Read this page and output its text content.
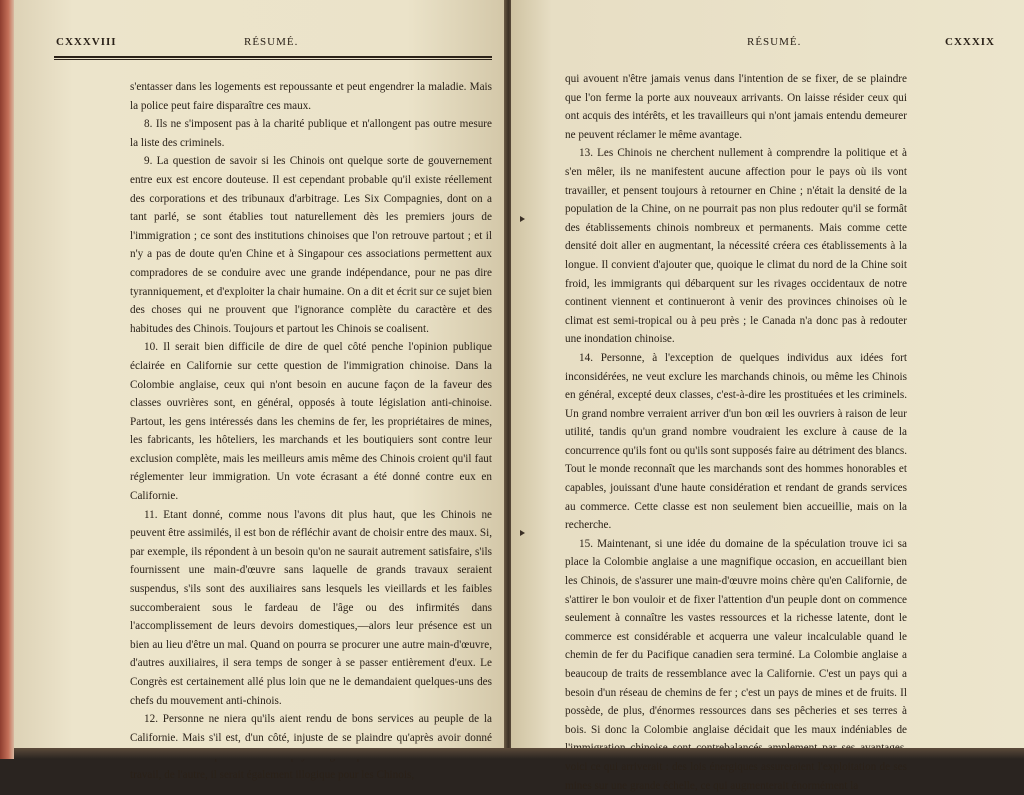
CXXXVIII	RÉSUMÉ.

s'entasser dans les logements est repoussante et peut engendrer la maladie. Mais la police peut faire disparaître ces maux.

8. Ils ne s'imposent pas à la charité publique et n'allongent pas outre mesure la liste des criminels.

9. La question de savoir si les Chinois ont quelque sorte de gouvernement entre eux est encore douteuse. Il est cependant probable qu'il existe réellement des corporations et des tribunaux d'arbitrage. Les Six Compagnies, dont on a tant parlé, se sont établies tout naturellement dès les premiers jours de l'immigration ; ce sont des institutions chinoises que l'on retrouve partout ; et il n'y a pas de doute qu'en Chine et à Singapour ces associations permettent aux compradores de se conduire avec une grande indépendance, pour ne pas dire tyranniquement, et d'exploiter la chair humaine. On a dit et écrit sur ce sujet bien des choses qui ne prouvent que l'ignorance complète du caractère et des habitudes des Chinois. Toujours et partout les Chinois se coalisent.

10. Il serait bien difficile de dire de quel côté penche l'opinion publique éclairée en Californie sur cette question de l'immigration chinoise. Dans la Colombie anglaise, ceux qui n'ont besoin en aucune façon de la faveur des classes ouvrières sont, en général, opposés à toute législation anti-chinoise. Partout, les gens intéressés dans les chemins de fer, les propriétaires de mines, les fabricants, les hôteliers, les marchands et les boutiquiers sont contre leur exclusion complète, mais les meilleurs amis même des Chinois croient qu'il faut réglementer leur immigration. Un vote écrasant a été donné contre eux en Californie.

11. Etant donné, comme nous l'avons dit plus haut, que les Chinois ne peuvent être assimilés, il est bon de réfléchir avant de choisir entre des maux. Si, par exemple, ils répondent à un besoin qu'on ne saurait autrement satisfaire, s'ils fournissent une main-d'œuvre sans laquelle de grands travaux seraient suspendus, s'ils sont des auxiliaires sans lesquels les vieillards et les faibles succomberaient sous le fardeau de l'âge ou des infirmités dans l'accomplissement de leurs devoirs domestiques,—alors leur présence est un bien au lieu d'être un mal. Quand on pourra se procurer une autre main-d'œuvre, d'autres auxiliaires, il sera temps de songer à se passer entièrement d'eux. Le Congrès est certainement allé plus loin que ne le demandaient quelques-uns des chefs du mouvement anti-chinois.

12. Personne ne niera qu'ils aient rendu de bons services au peuple de la Californie. Mais s'il est, d'un côté, injuste de se plaindre qu'après avoir donné travail, de l'autre, il serait également illogique pour les Chinois,

RÉSUMÉ.	CXXXIX

qui avouent n'être jamais venus dans l'intention de se fixer, de se plaindre que l'on ferme la porte aux nouveaux arrivants. On laisse résider ceux qui ont acquis des intérêts, et les travailleurs qui n'ont jamais entendu demeurer ne peuvent réclamer le même avantage.

13. Les Chinois ne cherchent nullement à comprendre la politique et à s'en mêler, ils ne manifestent aucune affection pour le pays où ils vont travailler, et pensent toujours à retourner en Chine ; n'était la densité de la population de la Chine, on ne pourrait pas non plus redouter qu'il se formât des établissements chinois nombreux et permanents. Mais comme cette densité doit aller en augmentant, la nécessité créera ces établissements à la longue. Il convient d'ajouter que, quoique le climat du nord de la Chine soit froid, les immigrants qui débarquent sur les rivages occidentaux de notre continent viennent et continueront à venir des provinces chinoises où le climat est semi-tropical ou à peu près ; le Canada n'a donc pas à redouter une inondation chinoise.

14. Personne, à l'exception de quelques individus aux idées fort inconsidérées, ne veut exclure les marchands chinois, ou même les Chinois en général, excepté deux classes, c'est-à-dire les prostituées et les criminels. Un grand nombre verraient arriver d'un bon œil les ouvriers à raison de leur utilité, tandis qu'un grand nombre voudraient les exclure à cause de la concurrence qu'ils font ou qu'ils sont supposés faire au détriment des blancs. Tout le monde reconnaît que les marchands sont des hommes honorables et capables, jouissant d'une haute considération et rendant de grands services au commerce. Cette classe est non seulement bien accueillie, mais on la recherche.

15. Maintenant, si une idée du domaine de la spéculation trouve ici sa place la Colombie anglaise a une magnifique occasion, en accueillant bien les Chinois, de s'assurer une main-d'œuvre moins chère qu'en Californie, de s'attirer le bon vouloir et de fixer l'attention d'un peuple dont on commence seulement à connaître les vastes ressources et la richesse latente, dont le commerce est considérable et acquerra une valeur incalculable quand le chemin de fer du Pacifique canadien sera terminé. La Colombie anglaise a beaucoup de traits de ressemblance avec la Californie. C'est un pays qui a besoin d'un réseau de chemins de fer ; c'est un pays de mines et de fruits. Il possède, de plus, d'énormes ressources dans ses pêcheries et ses terres à bois. Si donc la Colombie anglaise décidait que les maux indéniables de voici ce qui arriverait : des lois énergiques assureraient l'exploitation de ses mines sur une grande échelle, ce qui augmenterait énormément la
